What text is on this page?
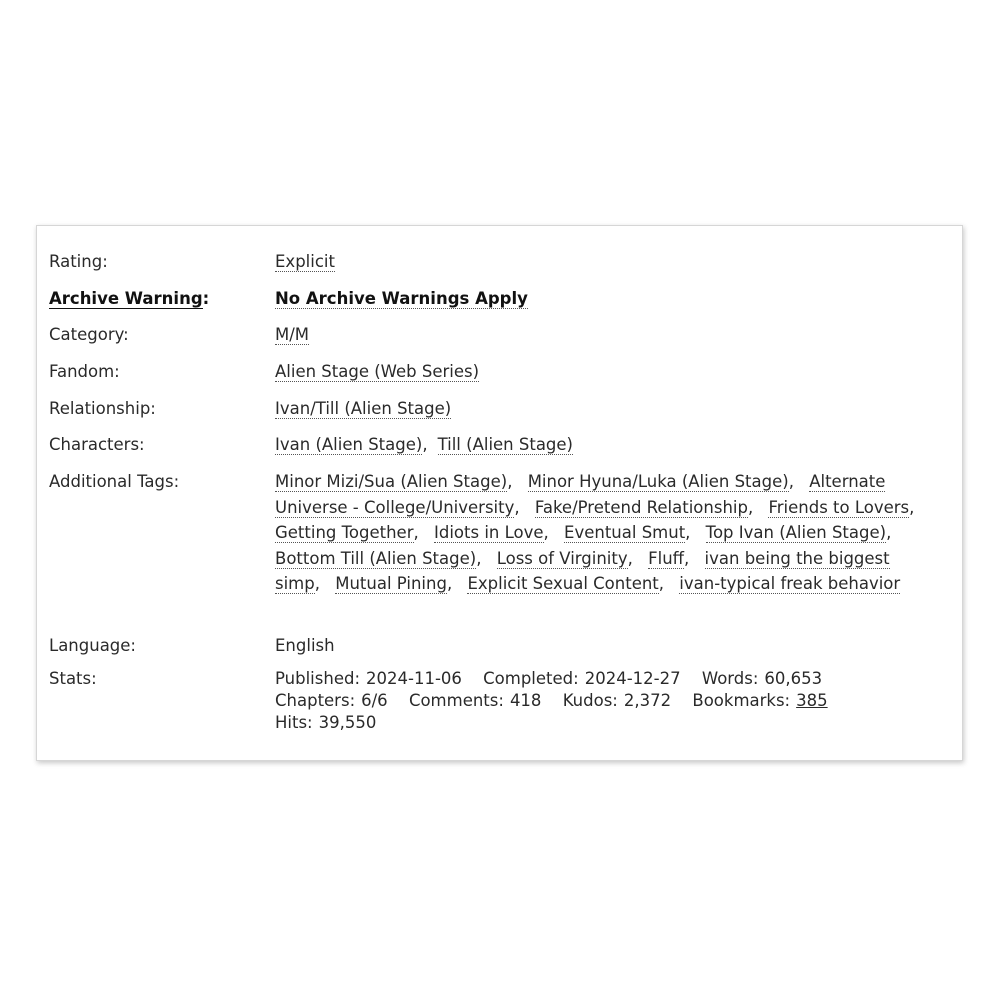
Rating:	Explicit
Archive Warning:	No Archive Warnings Apply
Category:	M/M
Fandom:	Alien Stage (Web Series)
Relationship:	Ivan/Till (Alien Stage)
Characters:	Ivan (Alien Stage), Till (Alien Stage)
Additional Tags:	Minor Mizi/Sua (Alien Stage), Minor Hyuna/Luka (Alien Stage), Alternate Universe - College/University, Fake/Pretend Relationship, Friends to Lovers, Getting Together, Idiots in Love, Eventual Smut, Top Ivan (Alien Stage), Bottom Till (Alien Stage), Loss of Virginity, Fluff, ivan being the biggest simp, Mutual Pining, Explicit Sexual Content, ivan-typical freak behavior
Language:	English
Stats:	Published: 2024-11-06 Completed: 2024-12-27 Words: 60,653
Chapters: 6/6 Comments: 418 Kudos: 2,372 Bookmarks: 385
Hits: 39,550
